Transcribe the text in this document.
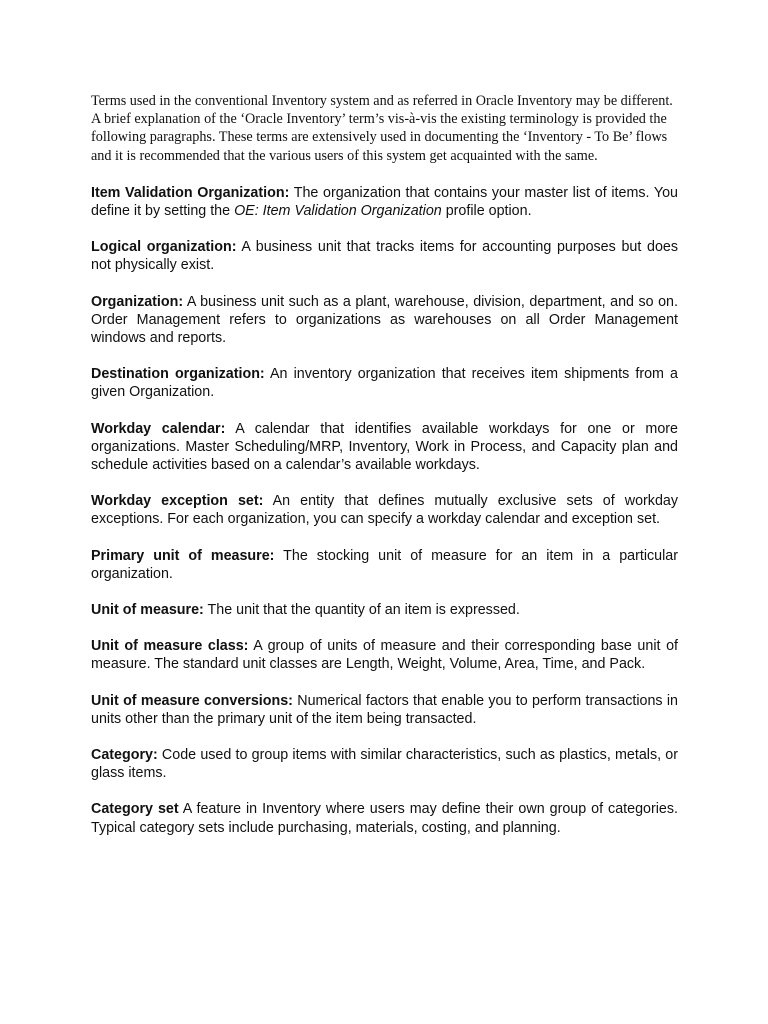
Terms used in the conventional Inventory system and as referred in Oracle Inventory may be different. A brief explanation of the ‘Oracle Inventory’ term’s vis-à-vis the existing terminology is provided the following paragraphs. These terms are extensively used in documenting the ‘Inventory - To Be’ flows and it is recommended that the various users of this system get acquainted with the same.

Item Validation Organization: The organization that contains your master list of items. You define it by setting the OE: Item Validation Organization profile option.

Logical organization: A business unit that tracks items for accounting purposes but does not physically exist.

Organization: A business unit such as a plant, warehouse, division, department, and so on. Order Management refers to organizations as warehouses on all Order Management windows and reports.

Destination organization: An inventory organization that receives item shipments from a given Organization.

Workday calendar: A calendar that identifies available workdays for one or more organizations. Master Scheduling/MRP, Inventory, Work in Process, and Capacity plan and schedule activities based on a calendar’s available workdays.

Workday exception set: An entity that defines mutually exclusive sets of workday exceptions. For each organization, you can specify a workday calendar and exception set.

Primary unit of measure: The stocking unit of measure for an item in a particular organization.

Unit of measure: The unit that the quantity of an item is expressed.

Unit of measure class: A group of units of measure and their corresponding base unit of measure. The standard unit classes are Length, Weight, Volume, Area, Time, and Pack.

Unit of measure conversions: Numerical factors that enable you to perform transactions in units other than the primary unit of the item being transacted.

Category: Code used to group items with similar characteristics, such as plastics, metals, or glass items.

Category set A feature in Inventory where users may define their own group of categories. Typical category sets include purchasing, materials, costing, and planning.
